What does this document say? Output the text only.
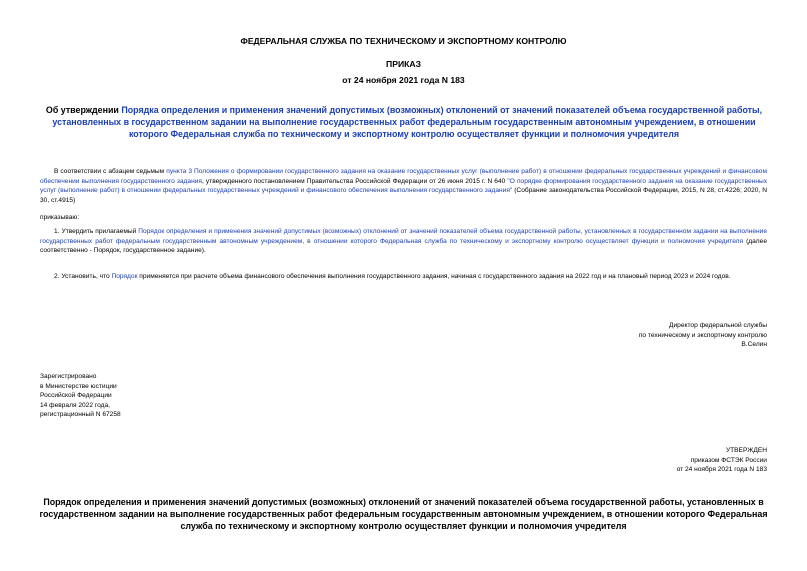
ФЕДЕРАЛЬНАЯ СЛУЖБА ПО ТЕХНИЧЕСКОМУ И ЭКСПОРТНОМУ КОНТРОЛЮ
ПРИКАЗ
от 24 ноября 2021 года N 183
Об утверждении Порядка определения и применения значений допустимых (возможных) отклонений от значений показателей объема государственной работы, установленных в государственном задании на выполнение государственных работ федеральным государственным автономным учреждением, в отношении которого Федеральная служба по техническому и экспортному контролю осуществляет функции и полномочия учредителя
В соответствии с абзацем седьмым пункта 3 Положения о формировании государственного задания на оказание государственных услуг (выполнение работ) в отношении федеральных государственных учреждений и финансовом обеспечении выполнения государственного задания, утвержденного постановлением Правительства Российской Федерации от 26 июня 2015 г. N 640 "О порядке формирования государственного задания на оказание государственных услуг (выполнение работ) в отношении федеральных государственных учреждений и финансового обеспечения выполнения государственного задания" (Собрание законодательства Российской Федерации, 2015, N 28, ст.4226; 2020, N 30, ст.4915)
приказываю:
1. Утвердить прилагаемый Порядок определения и применения значений допустимых (возможных) отклонений от значений показателей объема государственной работы, установленных в государственном задании на выполнение государственных работ федеральным государственным автономным учреждением, в отношении которого Федеральная служба по техническому и экспортному контролю осуществляет функции и полномочия учредителя (далее соответственно - Порядок, государственное задание).
2. Установить, что Порядок применяется при расчете объема финансового обеспечения выполнения государственного задания, начиная с государственного задания на 2022 год и на плановый период 2023 и 2024 годов.
Директор федеральной службы
по техническому и экспортному контролю
В.Селин
Зарегистрировано
в Министерстве юстиции
Российской Федерации
14 февраля 2022 года,
регистрационный N 67258
УТВЕРЖДЕН
приказом ФСТЭК России
от 24 ноября 2021 года N 183
Порядок определения и применения значений допустимых (возможных) отклонений от значений показателей объема государственной работы, установленных в государственном задании на выполнение государственных работ федеральным государственным автономным учреждением, в отношении которого Федеральная служба по техническому и экспортному контролю осуществляет функции и полномочия учредителя
